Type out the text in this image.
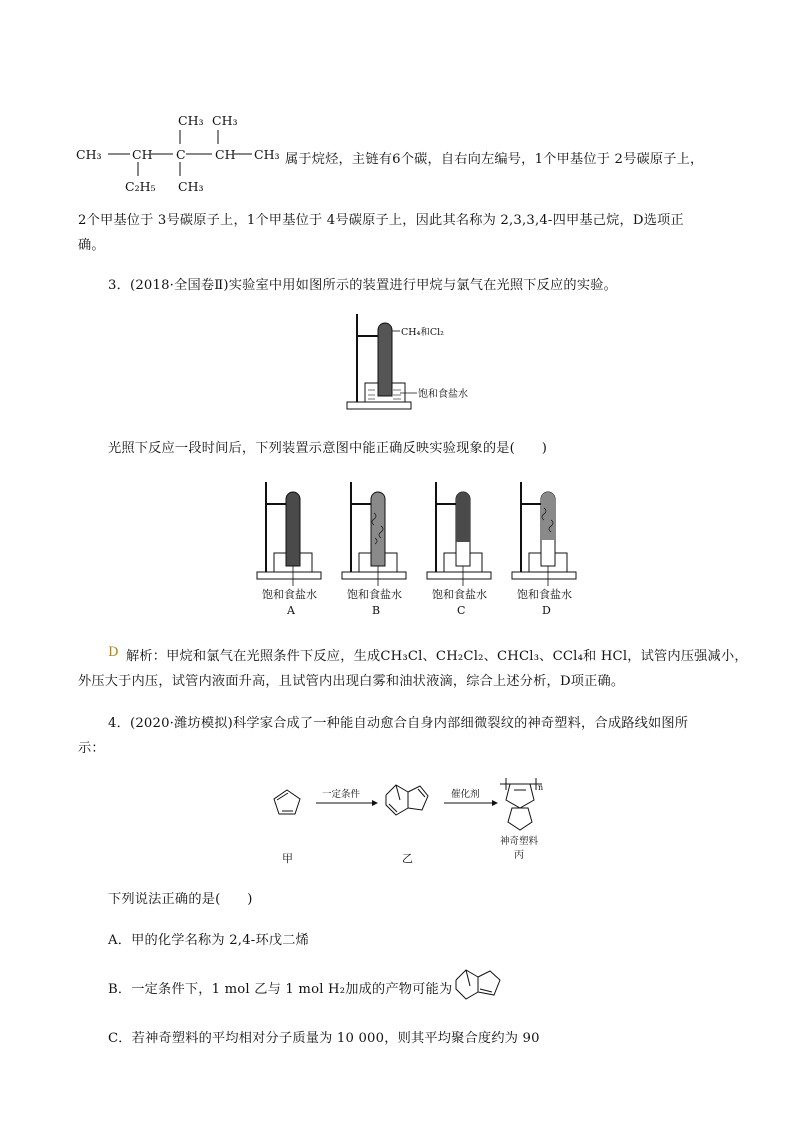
CH₃ CH₃
CH₃ CH C CH CH₃
C₂H₅ CH₃
属于烷烃，主链有6个碳，自右向左编号，1个甲基位于 2号碳原子上，
2个甲基位于 3号碳原子上，1个甲基位于 4号碳原子上，因此其名称为 2,3,3,4-四甲基己烷，D选项正
确。
3．(2018·全国卷Ⅱ)实验室中用如图所示的装置进行甲烷与氯气在光照下反应的实验。
CH₄和Cl₂
饱和食盐水
光照下反应一段时间后，下列装置示意图中能正确反映实验现象的是(　　)
饱和食盐水	饱和食盐水	饱和食盐水	饱和食盐水
A	B	C	D
D 解析：甲烷和氯气在光照条件下反应，生成CH₃Cl、CH₂Cl₂、CHCl₃、CCl₄和 HCl，试管内压强减小，
外压大于内压，试管内液面升高，且试管内出现白雾和油状液滴，综合上述分析，D项正确。
4．(2020·潍坊模拟)科学家合成了一种能自动愈合自身内部细微裂纹的神奇塑料，合成路线如图所
示：
一定条件	催化剂
n
甲	乙
神奇塑料
丙
下列说法正确的是(　　)
A．甲的化学名称为 2,4-环戊二烯
B．一定条件下，1 mol 乙与 1 mol H₂加成的产物可能为
C．若神奇塑料的平均相对分子质量为 10 000，则其平均聚合度约为 90
